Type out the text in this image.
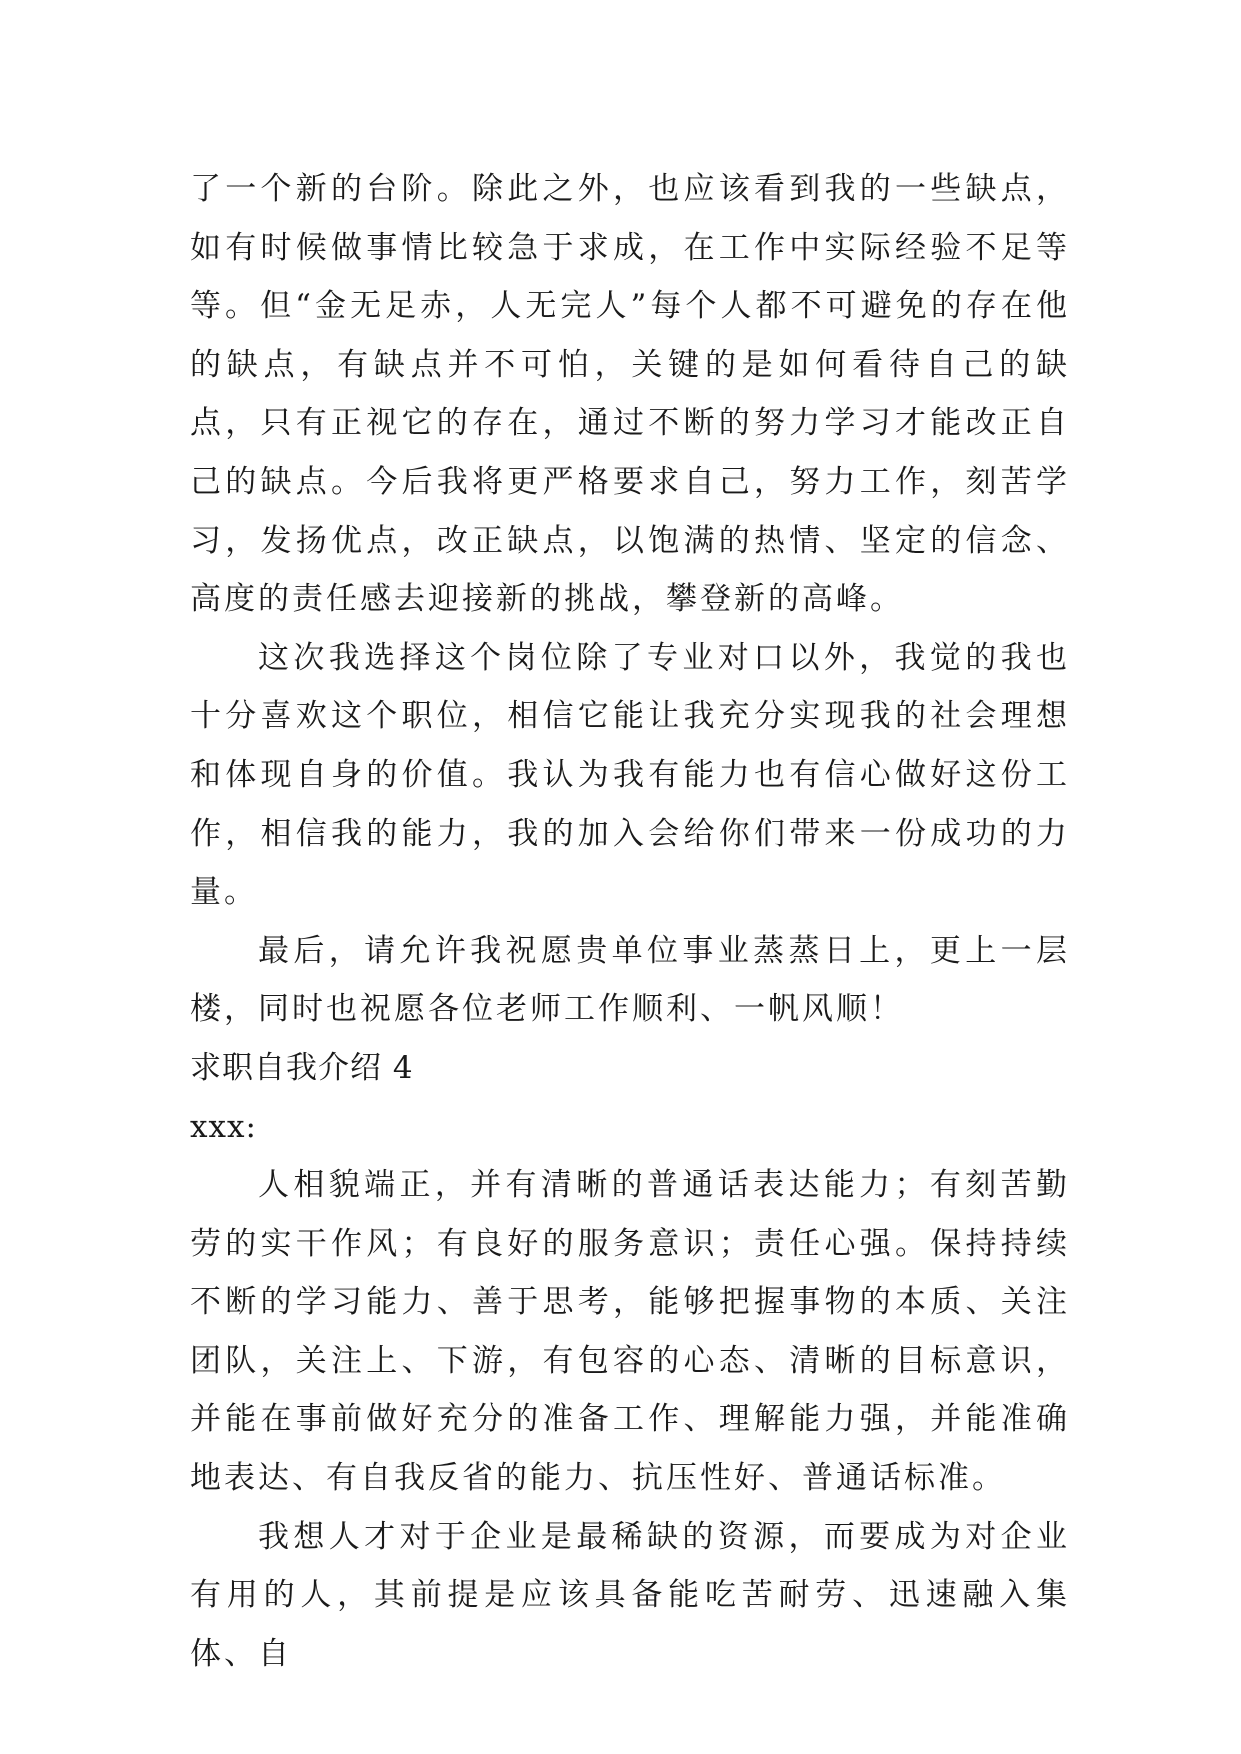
了一个新的台阶。除此之外，也应该看到我的一些缺点，如有时候做事情比较急于求成，在工作中实际经验不足等等。但“金无足赤，人无完人”每个人都不可避免的存在他的缺点，有缺点并不可怕，关键的是如何看待自己的缺点，只有正视它的存在，通过不断的努力学习才能改正自己的缺点。今后我将更严格要求自己，努力工作，刻苦学习，发扬优点，改正缺点，以饱满的热情、坚定的信念、高度的责任感去迎接新的挑战，攀登新的高峰。

这次我选择这个岗位除了专业对口以外，我觉的我也十分喜欢这个职位，相信它能让我充分实现我的社会理想和体现自身的价值。我认为我有能力也有信心做好这份工作，相信我的能力，我的加入会给你们带来一份成功的力量。

最后，请允许我祝愿贵单位事业蒸蒸日上，更上一层楼，同时也祝愿各位老师工作顺利、一帆风顺！

求职自我介绍 4

xxx:

人相貌端正，并有清晰的普通话表达能力；有刻苦勤劳的实干作风；有良好的服务意识；责任心强。保持持续不断的学习能力、善于思考，能够把握事物的本质、关注团队，关注上、下游，有包容的心态、清晰的目标意识，并能在事前做好充分的准备工作、理解能力强，并能准确地表达、有自我反省的能力、抗压性好、普通话标准。

我想人才对于企业是最稀缺的资源，而要成为对企业有用的人，其前提是应该具备能吃苦耐劳、迅速融入集体、自
